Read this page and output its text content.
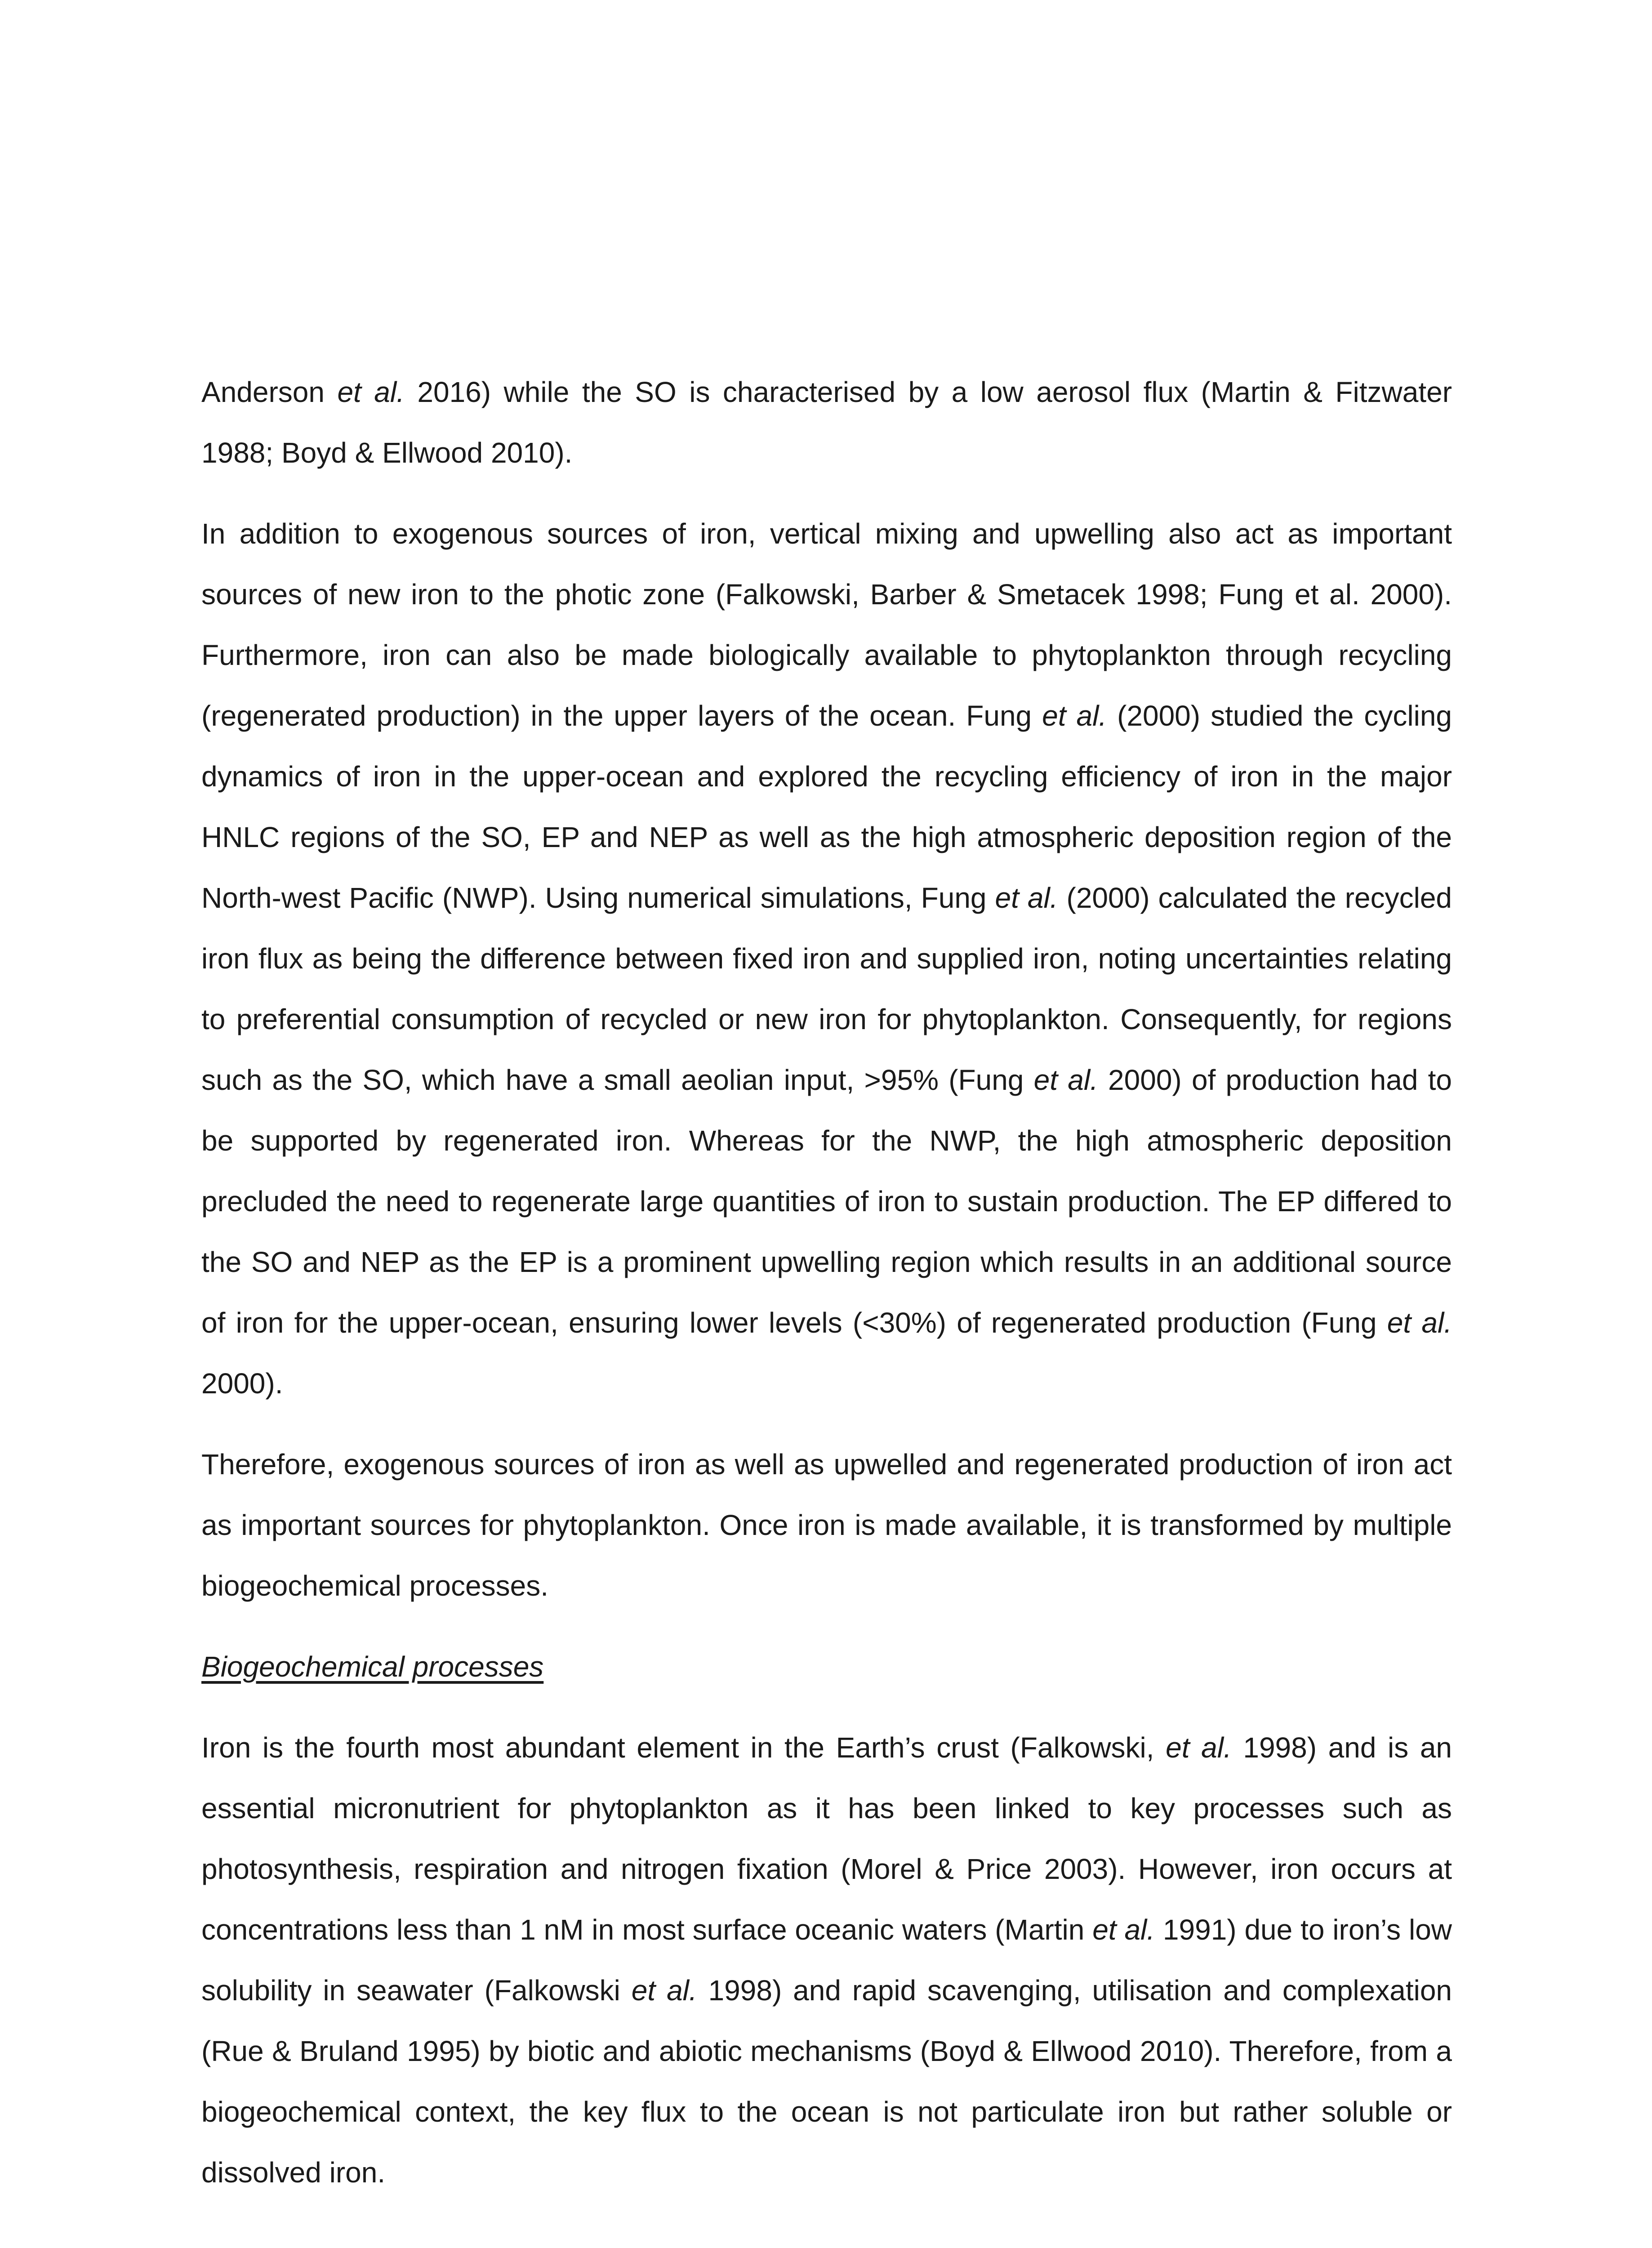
Anderson et al. 2016) while the SO is characterised by a low aerosol flux (Martin & Fitzwater 1988; Boyd & Ellwood 2010).

In addition to exogenous sources of iron, vertical mixing and upwelling also act as important sources of new iron to the photic zone (Falkowski, Barber & Smetacek 1998; Fung et al. 2000). Furthermore, iron can also be made biologically available to phytoplankton through recycling (regenerated production) in the upper layers of the ocean. Fung et al. (2000) studied the cycling dynamics of iron in the upper-ocean and explored the recycling efficiency of iron in the major HNLC regions of the SO, EP and NEP as well as the high atmospheric deposition region of the North-west Pacific (NWP). Using numerical simulations, Fung et al. (2000) calculated the recycled iron flux as being the difference between fixed iron and supplied iron, noting uncertainties relating to preferential consumption of recycled or new iron for phytoplankton. Consequently, for regions such as the SO, which have a small aeolian input, >95% (Fung et al. 2000) of production had to be supported by regenerated iron. Whereas for the NWP, the high atmospheric deposition precluded the need to regenerate large quantities of iron to sustain production. The EP differed to the SO and NEP as the EP is a prominent upwelling region which results in an additional source of iron for the upper-ocean, ensuring lower levels (<30%) of regenerated production (Fung et al. 2000).

Therefore, exogenous sources of iron as well as upwelled and regenerated production of iron act as important sources for phytoplankton. Once iron is made available, it is transformed by multiple biogeochemical processes.

Biogeochemical processes

Iron is the fourth most abundant element in the Earth’s crust (Falkowski, et al. 1998) and is an essential micronutrient for phytoplankton as it has been linked to key processes such as photosynthesis, respiration and nitrogen fixation (Morel & Price 2003). However, iron occurs at concentrations less than 1 nM in most surface oceanic waters (Martin et al. 1991) due to iron’s low solubility in seawater (Falkowski et al. 1998) and rapid scavenging, utilisation and complexation (Rue & Bruland 1995) by biotic and abiotic mechanisms (Boyd & Ellwood 2010). Therefore, from a biogeochemical context, the key flux to the ocean is not particulate iron but rather soluble or dissolved iron.
